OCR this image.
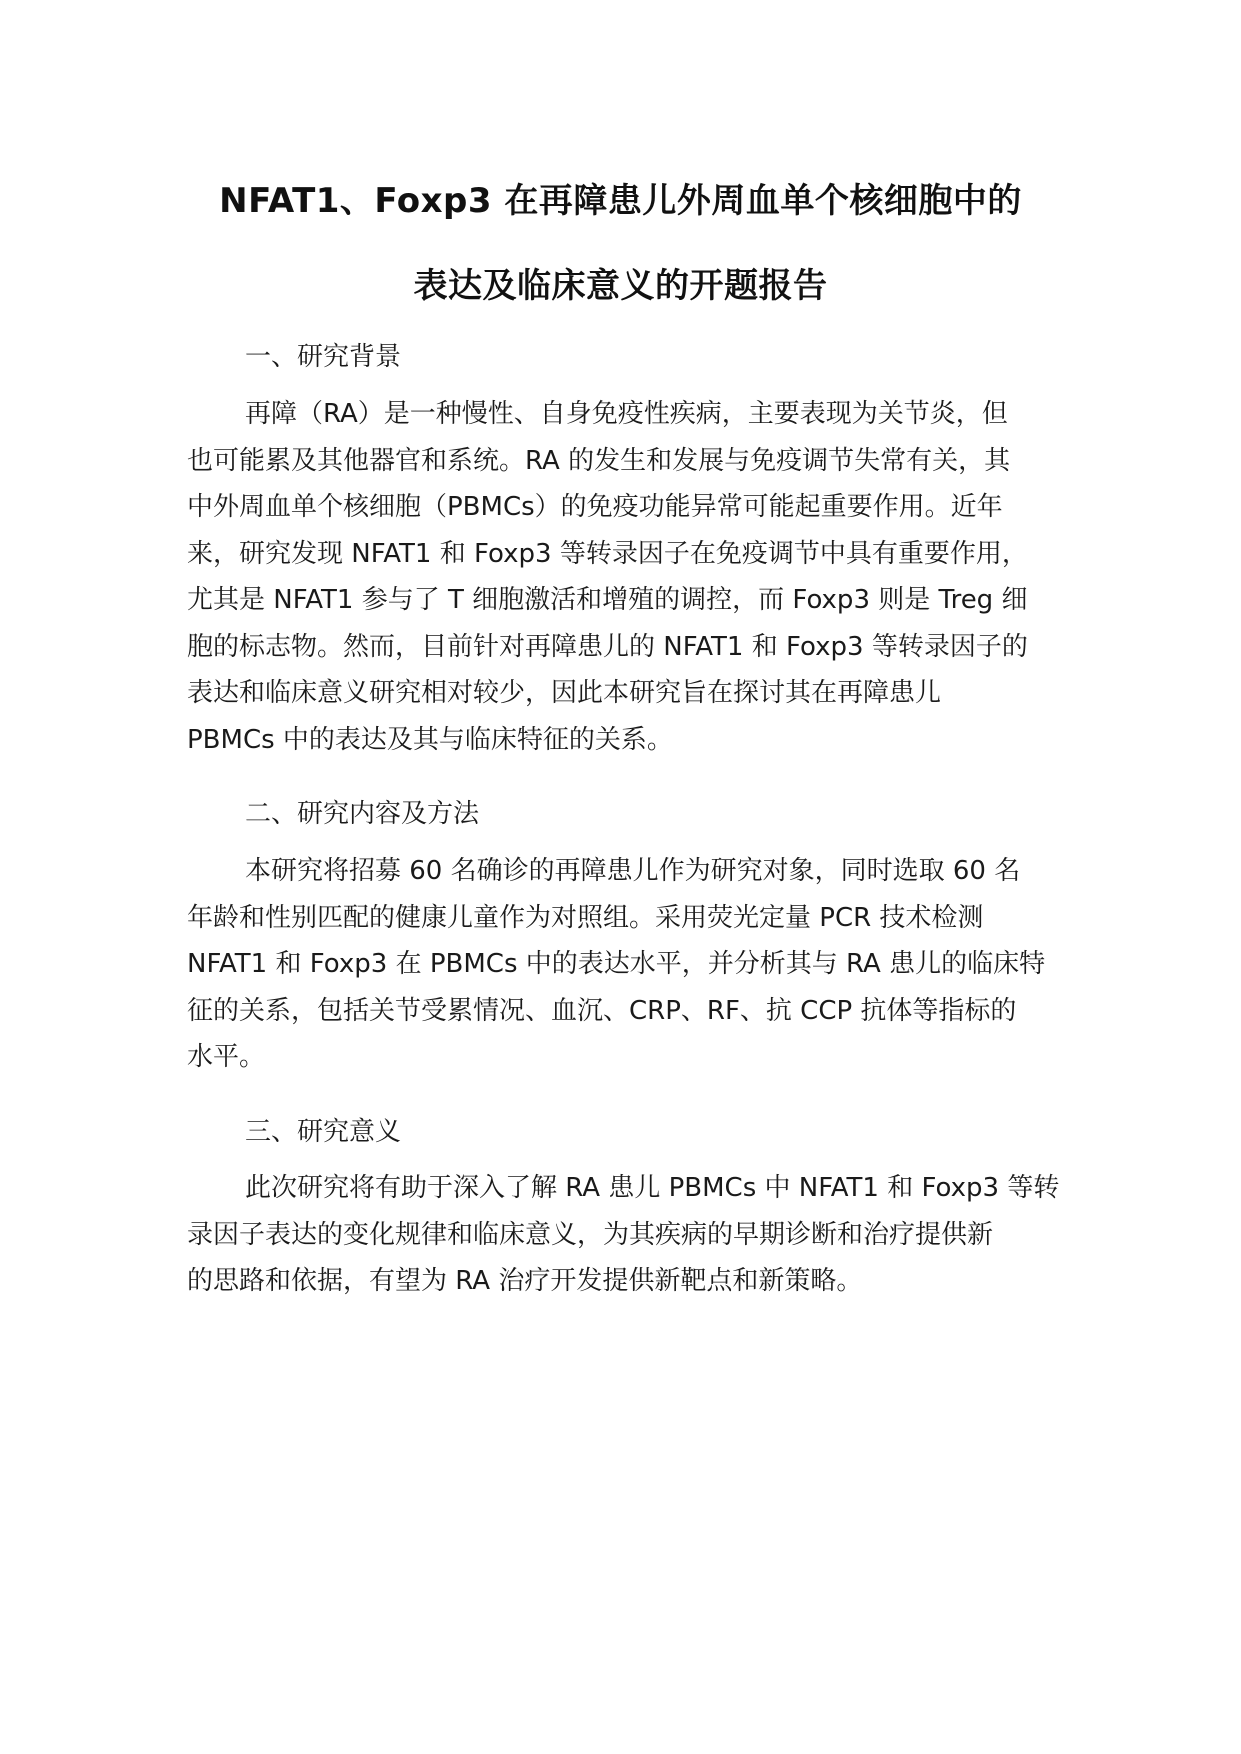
NFAT1、Foxp3 在再障患儿外周血单个核细胞中的
表达及临床意义的开题报告
一、研究背景
再障（RA）是一种慢性、自身免疫性疾病，主要表现为关节炎，但
也可能累及其他器官和系统。RA 的发生和发展与免疫调节失常有关，其
中外周血单个核细胞（PBMCs）的免疫功能异常可能起重要作用。近年
来，研究发现 NFAT1 和 Foxp3 等转录因子在免疫调节中具有重要作用，
尤其是 NFAT1 参与了 T 细胞激活和增殖的调控，而 Foxp3 则是 Treg 细
胞的标志物。然而，目前针对再障患儿的 NFAT1 和 Foxp3 等转录因子的
表达和临床意义研究相对较少，因此本研究旨在探讨其在再障患儿
PBMCs 中的表达及其与临床特征的关系。
二、研究内容及方法
本研究将招募 60 名确诊的再障患儿作为研究对象，同时选取 60 名
年龄和性别匹配的健康儿童作为对照组。采用荧光定量 PCR 技术检测
NFAT1 和 Foxp3 在 PBMCs 中的表达水平，并分析其与 RA 患儿的临床特
征的关系，包括关节受累情况、血沉、CRP、RF、抗 CCP 抗体等指标的
水平。
三、研究意义
此次研究将有助于深入了解 RA 患儿 PBMCs 中 NFAT1 和 Foxp3 等转
录因子表达的变化规律和临床意义，为其疾病的早期诊断和治疗提供新
的思路和依据，有望为 RA 治疗开发提供新靶点和新策略。
